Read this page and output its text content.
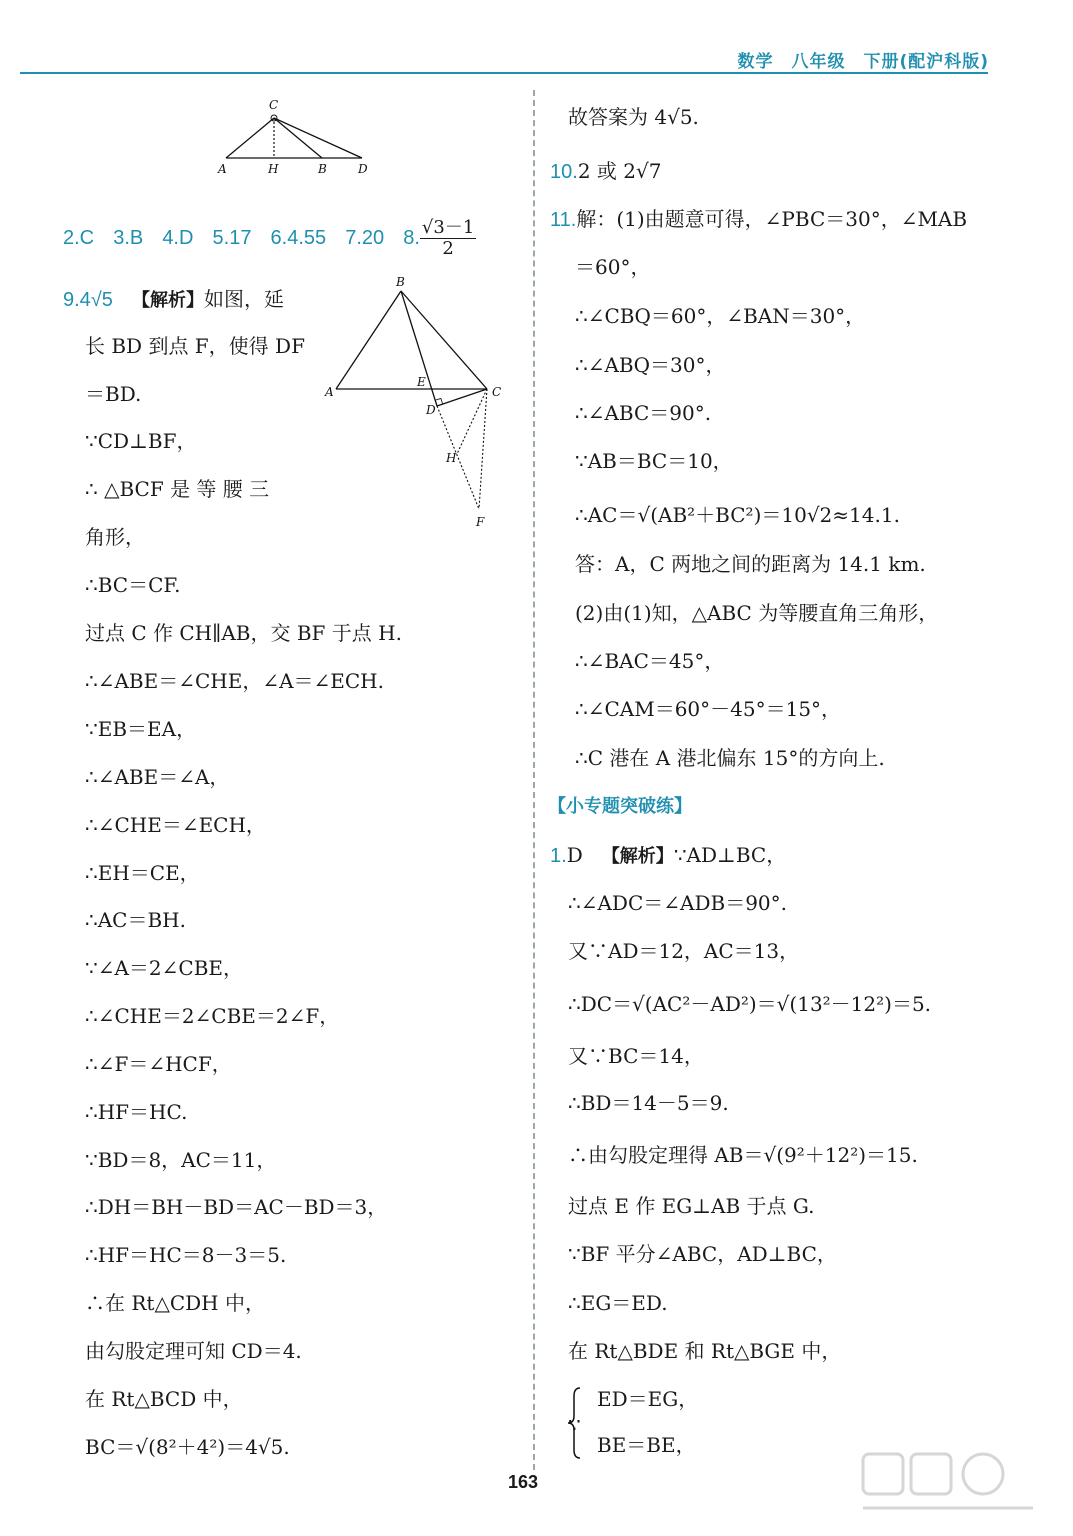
数学　八年级　下册(配沪科版)
C
A	H	B	D
2.C 3.B 4.D 5.17 6.4.55 7.20 8. $\frac{√3-1}{2}$
9.4√5 【解析】如图，延
长 BD 到点 F，使得 DF
＝BD.
∵CD⊥BF，
∴ △BCF 是 等 腰 三
角形，
∴BC＝CF.
过点 C 作 CH∥AB，交 BF 于点 H.
∴∠ABE＝∠CHE，∠A＝∠ECH.
∵EB＝EA，
∴∠ABE＝∠A，
∴∠CHE＝∠ECH，
∴EH＝CE，
∴AC＝BH.
∵∠A＝2∠CBE，
∴∠CHE＝2∠CBE＝2∠F，
∴∠F＝∠HCF，
∴HF＝HC.
∵BD＝8，AC＝11，
∴DH＝BH－BD＝AC－BD＝3，
∴HF＝HC＝8－3＝5.
∴在 Rt△CDH 中，
由勾股定理可知 CD＝4.
在 Rt△BCD 中，
BC＝√(8²＋4²)＝4√5.
B
A
E
C
D
H
F
故答案为 4√5.
10.2 或 2√7
11.解：(1)由题意可得，∠PBC＝30°，∠MAB
＝60°，
∴∠CBQ＝60°，∠BAN＝30°，
∴∠ABQ＝30°，
∴∠ABC＝90°.
∵AB＝BC＝10，
∴AC＝√(AB²＋BC²)＝10√2≈14.1.
答：A，C 两地之间的距离为 14.1 km.
(2)由(1)知，△ABC 为等腰直角三角形，
∴∠BAC＝45°，
∴∠CAM＝60°－45°＝15°，
∴C 港在 A 港北偏东 15°的方向上.
【小专题突破练】
1.D 【解析】∵AD⊥BC，
∴∠ADC＝∠ADB＝90°.
又∵AD＝12，AC＝13，
∴DC＝√(AC²－AD²)＝√(13²－12²)＝5.
又∵BC＝14，
∴BD＝14－5＝9.
∴由勾股定理得 AB＝√(9²＋12²)＝15.
过点 E 作 EG⊥AB 于点 G.
∵BF 平分∠ABC，AD⊥BC，
∴EG＝ED.
在 Rt△BDE 和 Rt△BGE 中，
∵
ED＝EG，
BE＝BE，
163
